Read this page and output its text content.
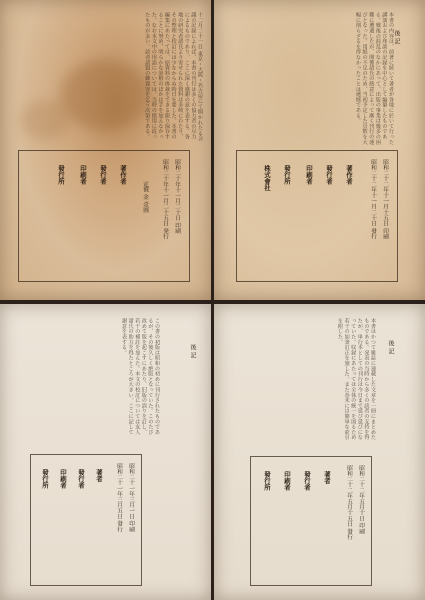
十二月二十一日 東京・大阪・名古屋にて開かれたる会議の記録によれば、本書の刊行は多くの協力者の尽力によるものであり、ここに深く感謝の意を表する。各地の研究者諸氏より寄せられた資料は多岐にわたり、その整理と校訂には少なからぬ時日を要した。本書の編集にあたっては、原資料の体裁をできる限り保存することに努め、明らかな誤植のほかは手を加えなかった。なお本文中の用語については、当時の慣用に従ったものが多い。読者諸賢の御寛容を乞う次第である。
昭和二十年十一月二十日 印刷
昭和二十年十一月二十五日 発行
定價 金 壹圓
著作者
發行者
印刷者
發行所
後記
本書の内容は、前著に続いて著者が各地に於いて行った講演および座談の記録を中心として編纂したものである。戦後の混乱のなかにあって、出版の事業は幾多の困難に遭遇したが、関係諸氏の熱意によって漸く刊行の運びとなった。用紙の不足のため、当初予定した頁数を大幅に削らざるを得なかったことは遺憾である。
昭和二十二年十一月十五日 印刷
昭和二十二年十一月二十日 發行
著作者
發行者
印刷者
發行所
株式會社
後記
この書の初版は昭和の初めに刊行されたものであるが、その後久しく絶版となっていた。このたび改めて版を起こすにあたり、旧版の誤りを訂し、若干の補註を加えた。本文の校訂については友人諸氏の助力を得たところが大きい。ここに記して謝意を表する。
昭和二十一年三月一日 印刷
昭和二十一年三月五日 發行
著者
發行者
印刷者
發行所
後記
本書はかつて雑誌に連載した文章を一冊にまとめたものである。発表の当時から多くの読者の支持を得たが、単行本としての刊行は今日まで延び延びになっていた。収録にあたっては全体の統一を図るため若干の加筆訂正を施した。また巻末には簡単な索引を附した。
昭和二十二年五月十日 印刷
昭和二十二年五月十五日 發行
著者
發行者
印刷者
發行所
